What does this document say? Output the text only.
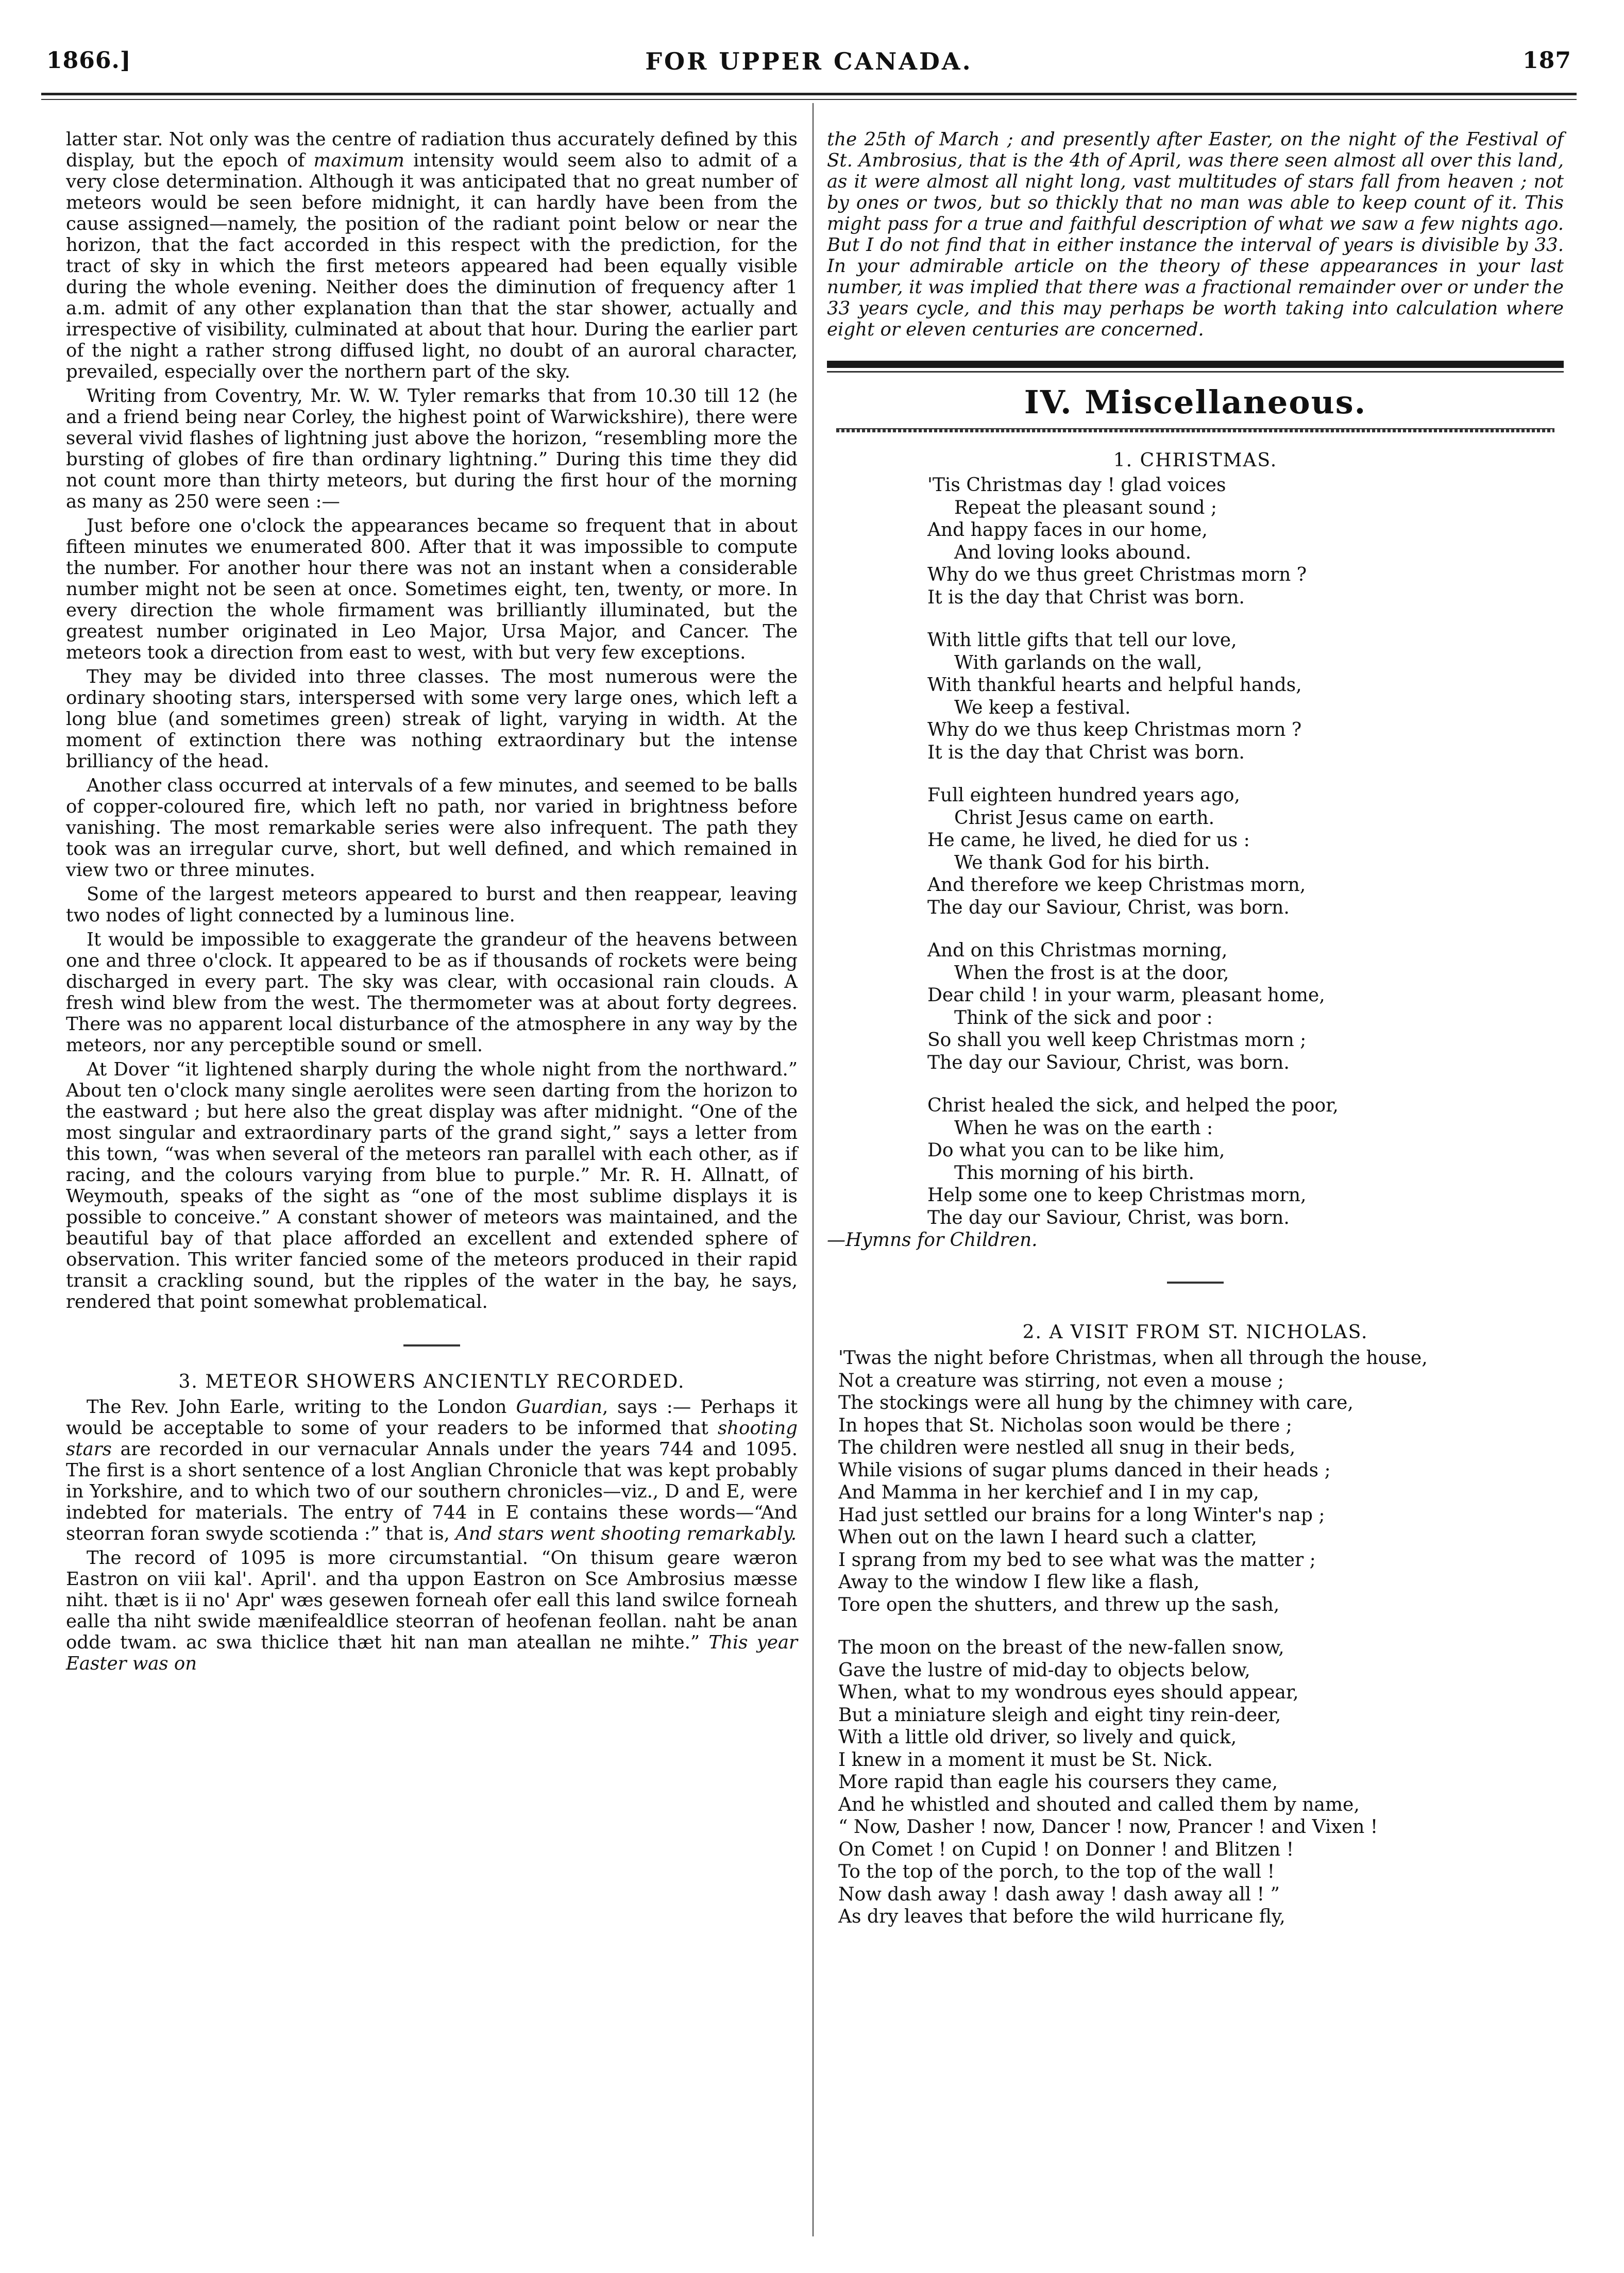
1866.]	FOR UPPER CANADA.	187

latter star. Not only was the centre of radiation thus accurately defined by this display, but the epoch of maximum intensity would seem also to admit of a very close determination. Although it was anticipated that no great number of meteors would be seen before midnight, it can hardly have been from the cause assigned—namely, the position of the radiant point below or near the horizon, that the fact accorded in this respect with the prediction, for the tract of sky in which the first meteors appeared had been equally visible during the whole evening. Neither does the diminution of frequency after 1 a.m. admit of any other explanation than that the star shower, actually and irrespective of visibility, culminated at about that hour. During the earlier part of the night a rather strong diffused light, no doubt of an auroral character, prevailed, especially over the northern part of the sky.

Writing from Coventry, Mr. W. W. Tyler remarks that from 10.30 till 12 (he and a friend being near Corley, the highest point of Warwickshire), there were several vivid flashes of lightning just above the horizon, “resembling more the bursting of globes of fire than ordinary lightning.” During this time they did not count more than thirty meteors, but during the first hour of the morning as many as 250 were seen :—

Just before one o'clock the appearances became so frequent that in about fifteen minutes we enumerated 800. After that it was impossible to compute the number. For another hour there was not an instant when a considerable number might not be seen at once. Sometimes eight, ten, twenty, or more. In every direction the whole firmament was brilliantly illuminated, but the greatest number originated in Leo Major, Ursa Major, and Cancer. The meteors took a direction from east to west, with but very few exceptions.

They may be divided into three classes. The most numerous were the ordinary shooting stars, interspersed with some very large ones, which left a long blue (and sometimes green) streak of light, varying in width. At the moment of extinction there was nothing extraordinary but the intense brilliancy of the head.

Another class occurred at intervals of a few minutes, and seemed to be balls of copper-coloured fire, which left no path, nor varied in brightness before vanishing. The most remarkable series were also infrequent. The path they took was an irregular curve, short, but well defined, and which remained in view two or three minutes.

Some of the largest meteors appeared to burst and then reappear, leaving two nodes of light connected by a luminous line.

It would be impossible to exaggerate the grandeur of the heavens between one and three o'clock. It appeared to be as if thousands of rockets were being discharged in every part. The sky was clear, with occasional rain clouds. A fresh wind blew from the west. The thermometer was at about forty degrees. There was no apparent local disturbance of the atmosphere in any way by the meteors, nor any perceptible sound or smell.

At Dover “it lightened sharply during the whole night from the northward.” About ten o'clock many single aerolites were seen darting from the horizon to the eastward ; but here also the great display was after midnight. “One of the most singular and extraordinary parts of the grand sight,” says a letter from this town, “was when several of the meteors ran parallel with each other, as if racing, and the colours varying from blue to purple.” Mr. R. H. Allnatt, of Weymouth, speaks of the sight as “one of the most sublime displays it is possible to conceive.” A constant shower of meteors was maintained, and the beautiful bay of that place afforded an excellent and extended sphere of observation. This writer fancied some of the meteors produced in their rapid transit a crackling sound, but the ripples of the water in the bay, he says, rendered that point somewhat problematical.

3. METEOR SHOWERS ANCIENTLY RECORDED.

The Rev. John Earle, writing to the London Guardian, says :— Perhaps it would be acceptable to some of your readers to be informed that shooting stars are recorded in our vernacular Annals under the years 744 and 1095. The first is a short sentence of a lost Anglian Chronicle that was kept probably in Yorkshire, and to which two of our southern chronicles—viz., D and E, were indebted for materials. The entry of 744 in E contains these words—“And steorran foran swyde scotienda :” that is, And stars went shooting remarkably.

The record of 1095 is more circumstantial. “On thisum geare wæron Eastron on viii kal'. April'. and tha uppon Eastron on Sce Ambrosius mæsse niht. thæt is ii no' Apr' wæs gesewen forneah ofer eall this land swilce forneah ealle tha niht swide mænifealdlice steorran of heofenan feollan. naht be anan odde twam. ac swa thiclice thæt hit nan man ateallan ne mihte.” This year Easter was on

the 25th of March ; and presently after Easter, on the night of the Festival of St. Ambrosius, that is the 4th of April, was there seen almost all over this land, as it were almost all night long, vast multitudes of stars fall from heaven ; not by ones or twos, but so thickly that no man was able to keep count of it. This might pass for a true and faithful description of what we saw a few nights ago. But I do not find that in either instance the interval of years is divisible by 33. In your admirable article on the theory of these appearances in your last number, it was implied that there was a fractional remainder over or under the 33 years cycle, and this may perhaps be worth taking into calculation where eight or eleven centuries are concerned.

IV. Miscellaneous.

1. CHRISTMAS.

'Tis Christmas day ! glad voices
Repeat the pleasant sound ;
And happy faces in our home,
And loving looks abound.
Why do we thus greet Christmas morn ?
It is the day that Christ was born.
With little gifts that tell our love,
With garlands on the wall,
With thankful hearts and helpful hands,
We keep a festival.
Why do we thus keep Christmas morn ?
It is the day that Christ was born.
Full eighteen hundred years ago,
Christ Jesus came on earth.
He came, he lived, he died for us :
We thank God for his birth.
And therefore we keep Christmas morn,
The day our Saviour, Christ, was born.
And on this Christmas morning,
When the frost is at the door,
Dear child ! in your warm, pleasant home,
Think of the sick and poor :
So shall you well keep Christmas morn ;
The day our Saviour, Christ, was born.
Christ healed the sick, and helped the poor,
When he was on the earth :
Do what you can to be like him,
This morning of his birth.
Help some one to keep Christmas morn,
The day our Saviour, Christ, was born.
—Hymns for Children.

2. A VISIT FROM ST. NICHOLAS.

'Twas the night before Christmas, when all through the house,
Not a creature was stirring, not even a mouse ;
The stockings were all hung by the chimney with care,
In hopes that St. Nicholas soon would be there ;
The children were nestled all snug in their beds,
While visions of sugar plums danced in their heads ;
And Mamma in her kerchief and I in my cap,
Had just settled our brains for a long Winter's nap ;
When out on the lawn I heard such a clatter,
I sprang from my bed to see what was the matter ;
Away to the window I flew like a flash,
Tore open the shutters, and threw up the sash,
The moon on the breast of the new-fallen snow,
Gave the lustre of mid-day to objects below,
When, what to my wondrous eyes should appear,
But a miniature sleigh and eight tiny rein-deer,
With a little old driver, so lively and quick,
I knew in a moment it must be St. Nick.
More rapid than eagle his coursers they came,
And he whistled and shouted and called them by name,
“ Now, Dasher ! now, Dancer ! now, Prancer ! and Vixen !
On Comet ! on Cupid ! on Donner ! and Blitzen !
To the top of the porch, to the top of the wall !
Now dash away ! dash away ! dash away all ! ”
As dry leaves that before the wild hurricane fly,
